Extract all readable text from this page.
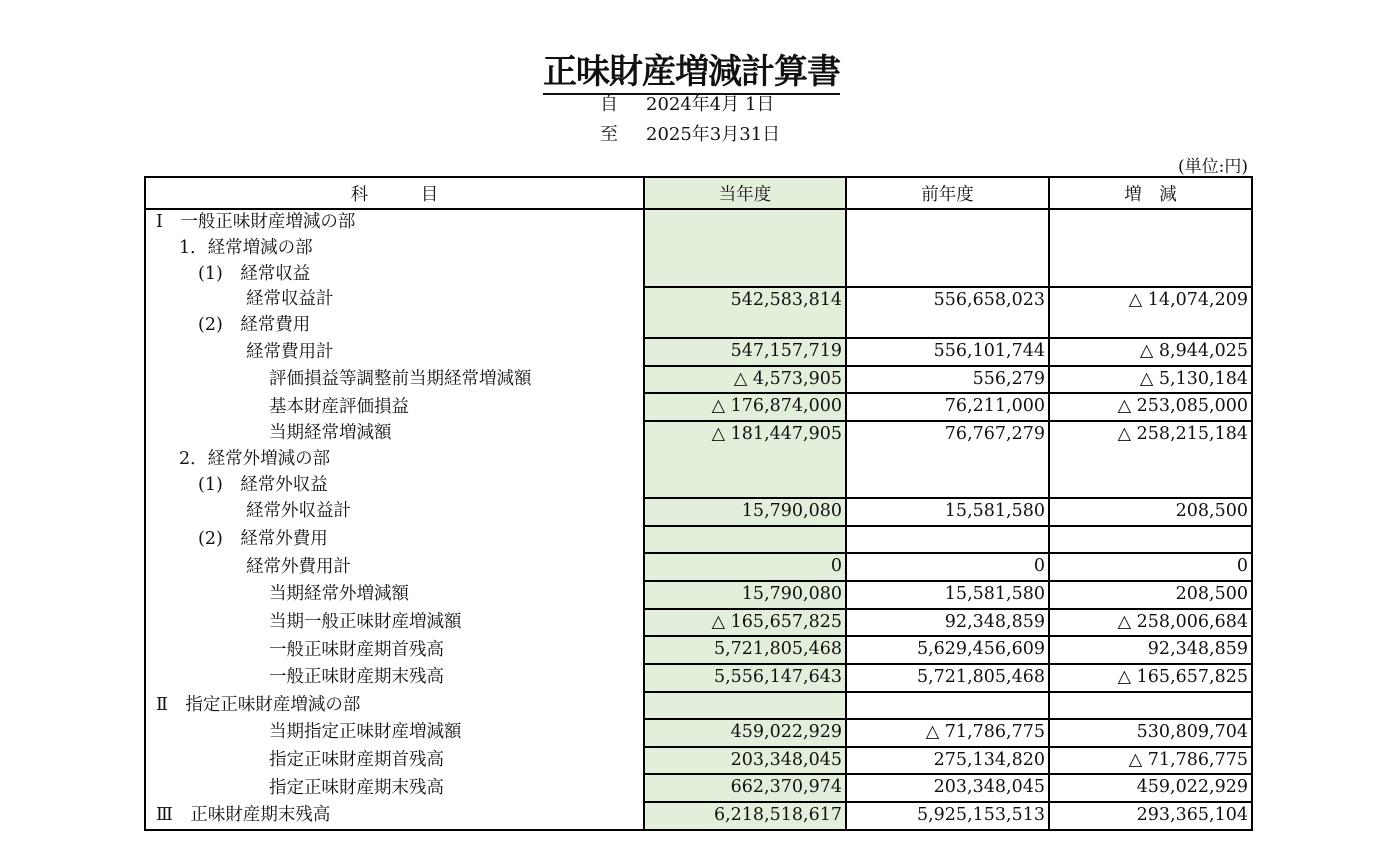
正味財産増減計算書
自 2024年4月 1日
至 2025年3月31日
(単位:円)
科　　　目	当年度	前年度	増　減
Ⅰ　一般正味財産増減の部			
1．経常増減の部			
(1)　経常収益			
経常収益計	542,583,814	556,658,023	△ 14,074,209
(2)　経常費用			
経常費用計	547,157,719	556,101,744	△ 8,944,025
評価損益等調整前当期経常増減額	△ 4,573,905	556,279	△ 5,130,184
基本財産評価損益	△ 176,874,000	76,211,000	△ 253,085,000
当期経常増減額	△ 181,447,905	76,767,279	△ 258,215,184
2．経常外増減の部			
(1)　経常外収益			
経常外収益計	15,790,080	15,581,580	208,500
(2)　経常外費用			
経常外費用計	0	0	0
当期経常外増減額	15,790,080	15,581,580	208,500
当期一般正味財産増減額	△ 165,657,825	92,348,859	△ 258,006,684
一般正味財産期首残高	5,721,805,468	5,629,456,609	92,348,859
一般正味財産期末残高	5,556,147,643	5,721,805,468	△ 165,657,825
Ⅱ　指定正味財産増減の部			
当期指定正味財産増減額	459,022,929	△ 71,786,775	530,809,704
指定正味財産期首残高	203,348,045	275,134,820	△ 71,786,775
指定正味財産期末残高	662,370,974	203,348,045	459,022,929
Ⅲ　正味財産期末残高	6,218,518,617	5,925,153,513	293,365,104
